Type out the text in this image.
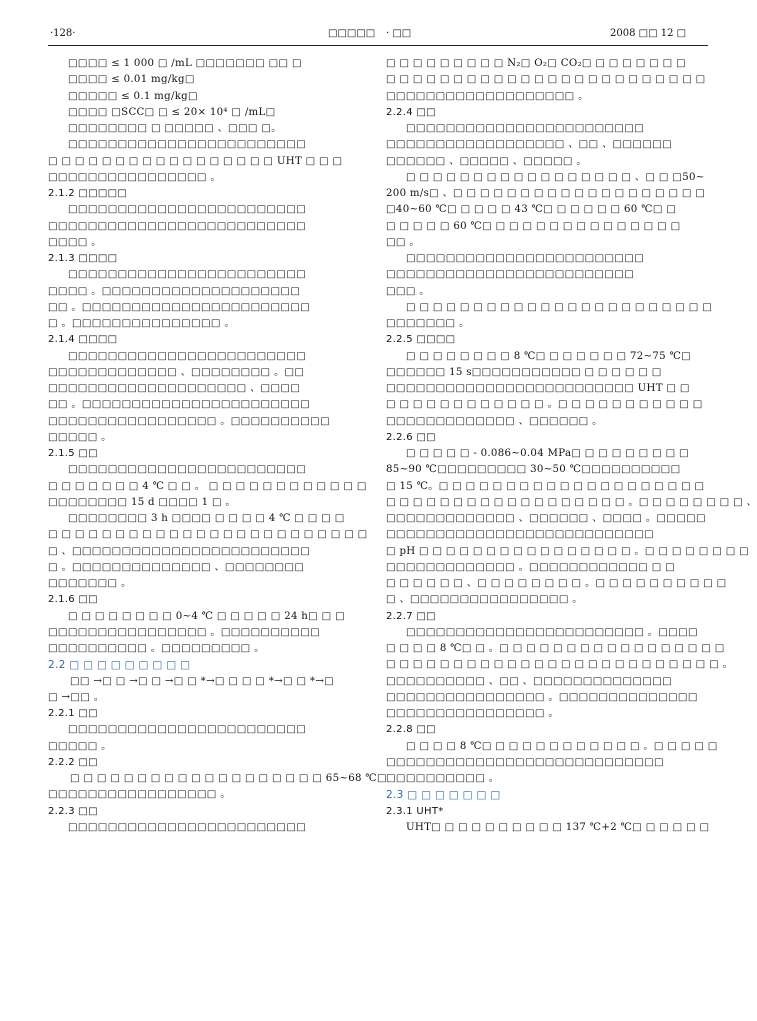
·128·	□□□□□ · □□	2008 □□ 12 □
□□□□ ≤ 1 000 □ /mL □□□□□□□ □□ □
□□□□ ≤ 0.01 mg/kg□
□□□□□ ≤ 0.1 mg/kg□
□□□□ □SCC□ □ ≤ 20× 10⁴ □ /mL□
□□□□□□□□ □ □□□□□ 、□□□ □。
□□□□□□□□□□□□□□□□□□□□□□□□
□ □ □ □ □ □ □ □ □ □ □ □ □ □ □ □ □ UHT □ □ □
□□□□□□□□□□□□□□□□ 。
2.1.2 □□□□□
□□□□□□□□□□□□□□□□□□□□□□□□
□□□□□□□□□□□□□□□□□□□□□□□□□□
□□□□ 。
2.1.3 □□□□
□□□□□□□□□□□□□□□□□□□□□□□□
□□□□ 。□□□□□□□□□□□□□□□□□□□□
□□ 。□□□□□□□□□□□□□□□□□□□□□□□
□ 。□□□□□□□□□□□□□□□ 。
2.1.4 □□□□
□□□□□□□□□□□□□□□□□□□□□□□□
□□□□□□□□□□□□□ 、□□□□□□□□ 。□□
□□□□□□□□□□□□□□□□□□□□ 、□□□□
□□ 。□□□□□□□□□□□□□□□□□□□□□□□
□□□□□□□□□□□□□□□□□ 。□□□□□□□□□□
□□□□□ 。
2.1.5 □□
□□□□□□□□□□□□□□□□□□□□□□□□
□ □ □ □ □ □ □ 4 ℃ □ □ 。 □ □ □ □ □ □ □ □ □ □ □ □
□□□□□□□□ 15 d □□□□ 1 □ 。
□□□□□□□□ 3 h □□□□ □ □ □ □ 4 ℃ □ □ □ □
□ □ □ □ □ □ □ □ □ □ □ □ □ □ □ □ □ □ □ □ □ □ □ □
□ 、□□□□□□□□□□□□□□□□□□□□□□□□
□ 。□□□□□□□□□□□□□□ 、□□□□□□□□
□□□□□□□ 。
2.1.6 □□
□ □ □ □ □ □ □ □ 0~4 ℃ □ □ □ □ □ 24 h□ □ □
□□□□□□□□□□□□□□□□ 。□□□□□□□□□□
□□□□□□□□□□ 。□□□□□□□□□ 。
2.2 □ □ □ □ □ □ □ □ □
□□ →□ □ →□ □ →□ □ *→□ □ □ □ *→□ □ *→□
□ →□□ 。
2.2.1 □□
□□□□□□□□□□□□□□□□□□□□□□□□
□□□□□ 。
2.2.2 □□
□ □ □ □ □ □ □ □ □ □ □ □ □ □ □ □ □ □ □ 65~68 ℃□
□□□□□□□□□□□□□□□□□ 。
2.2.3 □□
□□□□□□□□□□□□□□□□□□□□□□□□
□ □ □ □ □ □ □ □ □ N₂□ O₂□ CO₂□ □ □ □ □ □ □ □
□ □ □ □ □ □ □ □ □ □ □ □ □ □ □ □ □ □ □ □ □ □ □ □
□□□□□□□□□□□□□□□□□□□ 。
2.2.4 □□
□□□□□□□□□□□□□□□□□□□□□□□□
□□□□□□□□□□□□□□□□□□ 、□□ 、□□□□□□
□□□□□□ 、□□□□□ 、□□□□□ 。
□ □ □ □ □ □ □ □ □ □ □ □ □ □ □ □ □ 、□ □ □50~
200 m/s□ 、□ □ □ □ □ □ □ □ □ □ □ □ □ □ □ □ □ □ □
□40~60 ℃□ □ □ □ □ 43 ℃□ □ □ □ □ □ 60 ℃□ □
□ □ □ □ □ 60 ℃□ □ □ □ □ □ □ □ □ □ □ □ □ □ □
□□ 。
□□□□□□□□□□□□□□□□□□□□□□□□
□□□□□□□□□□□□□□□□□□□□□□□□□
□□□ 。
□ □ □ □ □ □ □ □ □ □ □ □ □ □ □ □ □ □ □ □ □ □ □
□□□□□□□ 。
2.2.5 □□□□
□ □ □ □ □ □ □ □ 8 ℃□ □ □ □ □ □ □ 72~75 ℃□
□□□□□□ 15 s□□□□□□□□□□□ □ □ □ □ □ □
□□□□□□□□□□□□□□□□□□□□□□□□□ UHT □ □
□ □ □ □ □ □ □ □ □ □ □ □ 。□ □ □ □ □ □ □ □ □ □ □
□□□□□□□□□□□□□ 、□□□□□□ 。
2.2.6 □□
□ □ □ □ □ - 0.086~0.04 MPa□ □ □ □ □ □ □ □ □
85~90 ℃□□□□□□□□□ 30~50 ℃□□□□□□□□□□
□ 15 ℃。□ □ □ □ □ □ □ □ □ □ □ □ □ □ □ □ □ □ □ □
□ □ □ □ □ □ □ □ □ □ □ □ □ □ □ □ □ □ 。□ □ □ □ □ □ □ □ 、
□□□□□□□□□□□□□ 、□□□□□□ 、□□□□ 。□□□□□
□□□□□□□□□□□□□□□□□□□□□□□□□□□
□ pH □ □ □ □ □ □ □ □ □ □ □ □ □ □ □ □ 。□ □ □ □ □ □ □ □
□□□□□□□□□□□□□ 。□□□□□□□□□□□□ □ □
□ □ □ □ □ □ 、□ □ □ □ □ □ □ □ 。□ □ □ □ □ □ □ □ □ □
□ 、□□□□□□□□□□□□□□□□ 。
2.2.7 □□
□□□□□□□□□□□□□□□□□□□□□□□□ 。□□□□
□ □ □ □ 8 ℃□ □ 。□ □ □ □ □ □ □ □ □ □ □ □ □ □ □ □ □
□ □ □ □ □ □ □ □ □ □ □ □ □ □ □ □ □ □ □ □ □ □ □ □ □ 。
□□□□□□□□□□ 、□□ 、□□□□□□□□□□□□□□
□□□□□□□□□□□□□□□□ 。□□□□□□□□□□□□□□
□□□□□□□□□□□□□□□□ 。
2.2.8 □□
□ □ □ □ 8 ℃□ □ □ □ □ □ □ □ □ □ □ □ 。□ □ □ □ □
□□□□□□□□□□□□□□□□□□□□□□□□□□□□
□□□□□□□□□□ 。
2.3 □ □ □ □ □ □ □
2.3.1 UHT*
UHT□ □ □ □ □ □ □ □ □ □ 137 ℃+2 ℃□ □ □ □ □ □
